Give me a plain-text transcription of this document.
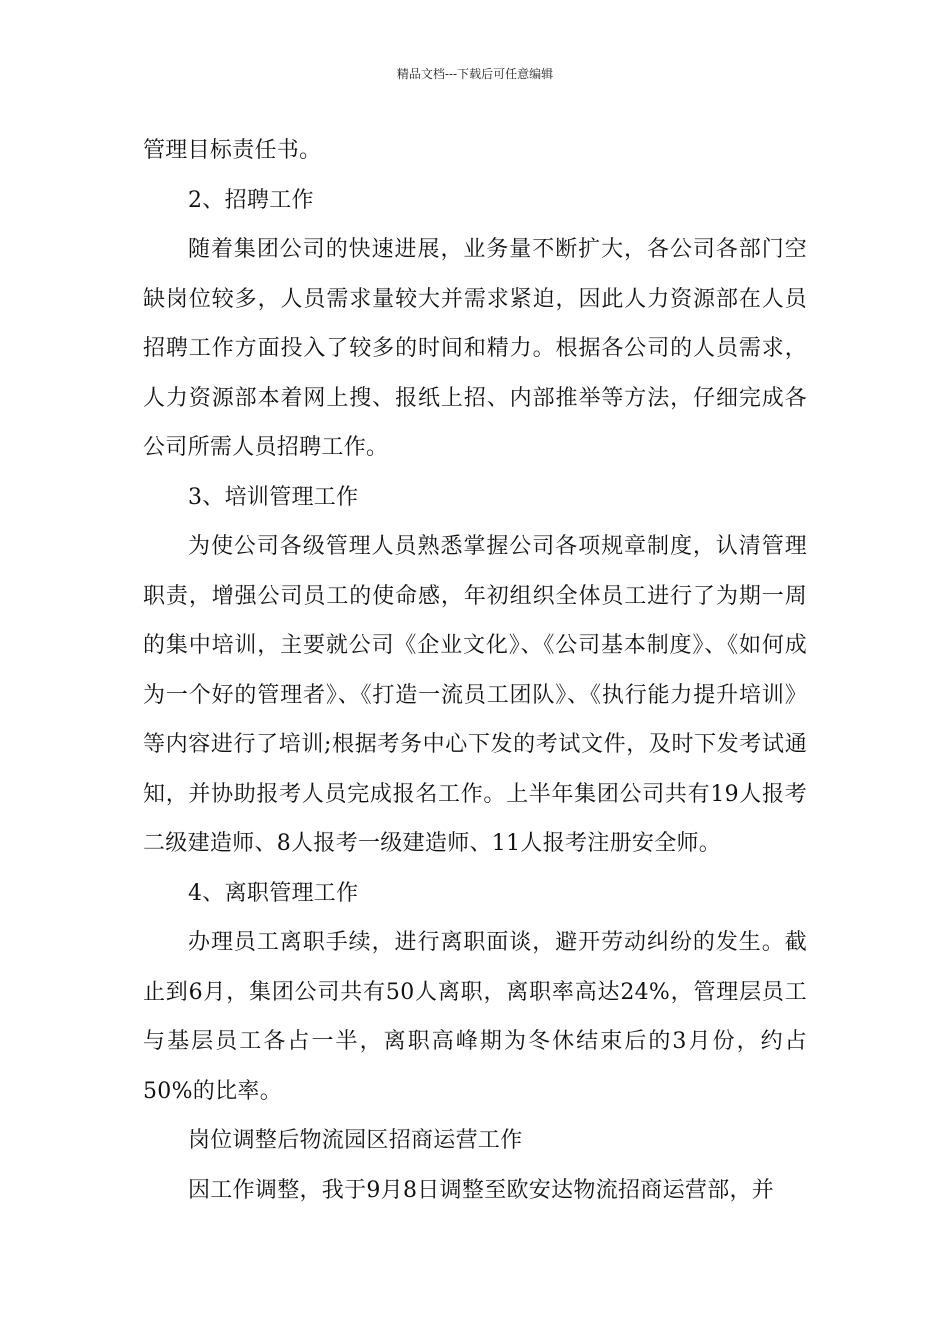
精品文档---下载后可任意编辑

管理目标责任书。

2、招聘工作

随着集团公司的快速进展，业务量不断扩大，各公司各部门空缺岗位较多，人员需求量较大并需求紧迫，因此人力资源部在人员招聘工作方面投入了较多的时间和精力。根据各公司的人员需求，人力资源部本着网上搜、报纸上招、内部推举等方法，仔细完成各公司所需人员招聘工作。

3、培训管理工作

为使公司各级管理人员熟悉掌握公司各项规章制度，认清管理职责，增强公司员工的使命感，年初组织全体员工进行了为期一周的集中培训，主要就公司《企业文化》、《公司基本制度》、《如何成为一个好的管理者》、《打造一流员工团队》、《执行能力提升培训》等内容进行了培训;根据考务中心下发的考试文件，及时下发考试通知，并协助报考人员完成报名工作。上半年集团公司共有19人报考二级建造师、8人报考一级建造师、11人报考注册安全师。

4、离职管理工作

办理员工离职手续，进行离职面谈，避开劳动纠纷的发生。截止到6月，集团公司共有50人离职，离职率高达24%，管理层员工与基层员工各占一半，离职高峰期为冬休结束后的3月份，约占50%的比率。

岗位调整后物流园区招商运营工作

因工作调整，我于9月8日调整至欧安达物流招商运营部，并
